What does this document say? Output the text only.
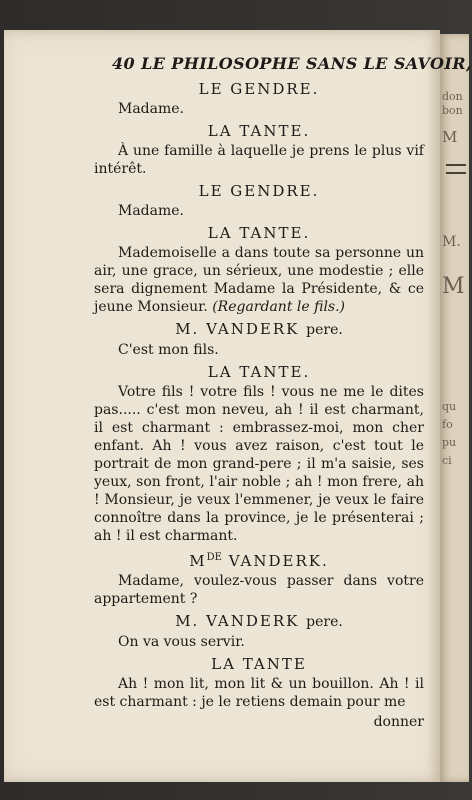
don
bon
M
M.
M
qu
fo
pu
ci
40 LE PHILOSOPHE SANS LE SAVOIR,
LE GENDRE.

Madame.

LA TANTE.

À une famille à laquelle je prens le plus vif intérêt.

LE GENDRE.

Madame.

LA TANTE.

Mademoiselle a dans toute sa personne un air, une grace, un sérieux, une modestie ; elle sera dignement Madame la Présidente, & ce jeune Monsieur. (Regardant le fils.)

M. VANDERK pere.

C'est mon fils.

LA TANTE.

Votre fils ! votre fils ! vous ne me le dites pas..... c'est mon neveu, ah ! il est charmant, il est charmant : embrassez-moi, mon cher enfant. Ah ! vous avez raison, c'est tout le portrait de mon grand-pere ; il m'a saisie, ses yeux, son front, l'air noble ; ah ! mon frere, ah ! Monsieur, je veux l'emmener, je veux le faire connoître dans la province, je le présenterai ; ah ! il est charmant.

MDE VANDERK.

Madame, voulez-vous passer dans votre appartement ?

M. VANDERK pere.

On va vous servir.

LA TANTE

Ah ! mon lit, mon lit & un bouillon. Ah ! il est charmant : je le retiens demain pour me

donner
